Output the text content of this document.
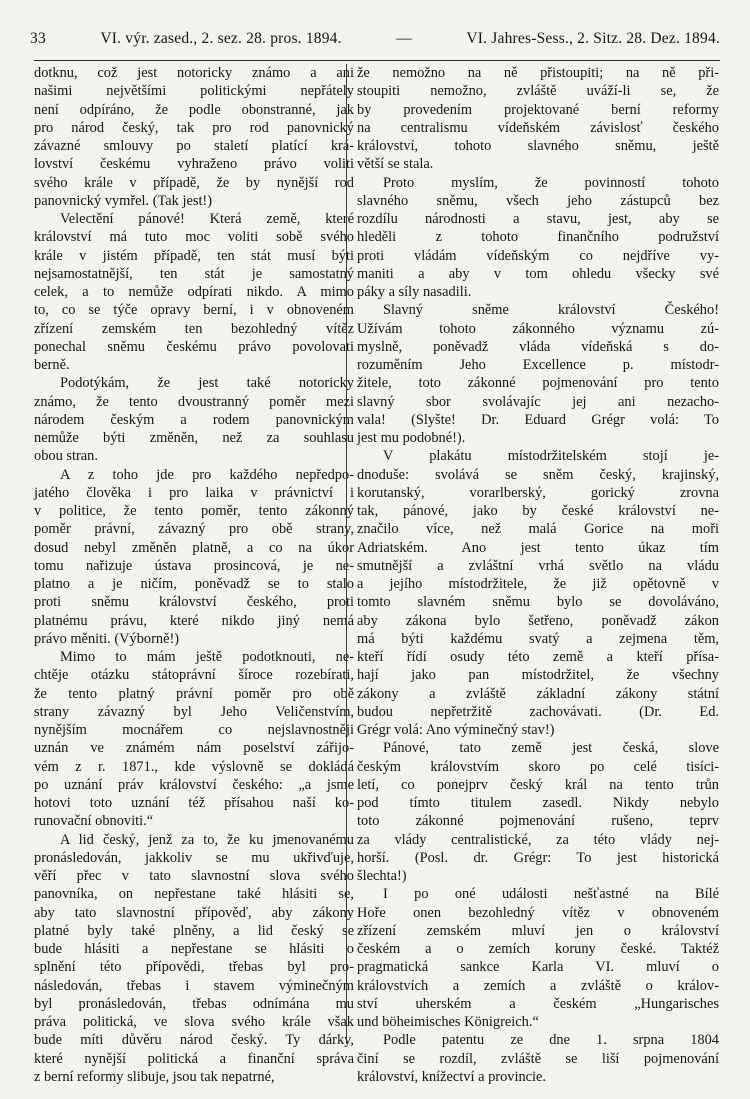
33	VI. výr. zased., 2. sez. 28. pros. 1894.	—	VI. Jahres-Sess., 2. Sitz. 28. Dez. 1894.
dotknu, což jest notoricky známo a ani
našimi největšími politickými nepřátely
není odpíráno, že podle obonstranné, jak
pro národ český, tak pro rod panovnický
závazné smlouvy po staletí platící krá-
lovství českému vyhraženo právo voliti
svého krále v případě, že by nynější rod
panovnický vymřel. (Tak jest!)
Velectění pánové! Která země, které
království má tuto moc voliti sobě svého
krále v jistém případě, ten stát musí býti
nejsamostatnější, ten stát je samostatný
celek, a to nemůže odpírati nikdo. A mimo
to, co se týče opravy berní, i v obnoveném
zřízení zemském ten bezohledný vítěz
ponechal sněmu českému právo povolovati
berně.
Podotýkám, že jest také notoricky
známo, že tento dvoustranný poměr mezi
národem českým a rodem panovnickým
nemůže býti změněn, než za souhlasu
obou stran.
A z toho jde pro každého nepředpo-
jatého člověka i pro laika v právnictví i
v politice, že tento poměr, tento zákonný
poměr právní, závazný pro obě strany,
dosud nebyl změněn platně, a co na úkor
tomu nařizuje ústava prosincová, je ne-
platno a je ničím, poněvadž se to stalo
proti sněmu království českého, proti
platnému právu, které nikdo jiný nemá
právo měniti. (Výborně!)
Mimo to mám ještě podotknouti, ne-
chtěje otázku státoprávní šíroce rozebírati,
že tento platný právní poměr pro obě
strany závazný byl Jeho Veličenstvím,
nynějším mocnářem co nejslavnostněji
uznán ve známém nám poselství zářijo-
vém z r. 1871., kde výslovně se dokládá
po uznání práv království českého: „a jsme
hotovi toto uznání též přísahou naší ko-
runovační obnoviti.“
A lid český, jenž za to, že ku jmenovanému
pronásledován, jakkoliv se mu ukřivďuje,
věří přec v tato slavnostní slova svého
panovníka, on nepřestane také hlásiti se,
aby tato slavnostní přípověď, aby zákony
platné byly také plněny, a lid český se
bude hlásiti a nepřestane se hlásiti o
splnění této přípovědi, třebas byl pro-
následován, třebas i stavem výminečným
byl pronásledován, třebas odnímána mu
práva politická, ve slova svého krále však
bude míti důvěru národ český. Ty dárky,
které nynější politická a finanční správa
z berní reformy slibuje, jsou tak nepatrné,
že nemožno na ně přistoupiti; na ně při-
stoupiti nemožno, zvláště uváží-li se, že
by provedením projektované berní reformy
na centralismu vídeňském závislosť českého
království, tohoto slavného sněmu, ještě
větší se stala.
Proto myslím, že povinností tohoto
slavného sněmu, všech jeho zástupců bez
rozdílu národnosti a stavu, jest, aby se
hleděli z tohoto finančního podružství
proti vládám vídeňským co nejdříve vy-
maniti a aby v tom ohledu všecky své
páky a síly nasadili.
Slavný sněme království Českého!
Užívám tohoto zákonného významu zú-
myslně, poněvadž vláda vídeňská s do-
rozuměním Jeho Excellence p. místodr-
žitele, toto zákonné pojmenování pro tento
slavný sbor svolávajíc jej ani nezacho-
vala! (Slyšte! Dr. Eduard Grégr volá: To
jest mu podobné!).
V plakátu místodržitelském stojí je-
dnoduše: svolává se sněm český, krajinský,
korutanský, vorarlberský, gorický zrovna
tak, pánové, jako by české království ne-
značilo více, než malá Gorice na moři
Adriatském. Ano jest tento úkaz tím
smutnější a zvláštní vrhá světlo na vládu
a jejího místodržitele, že již opětovně v
tomto slavném sněmu bylo se dovoláváno,
aby zákona bylo šetřeno, poněvadž zákon
má býti každému svatý a zejmena těm,
kteří řídí osudy této země a kteří přísa-
hají jako pan místodržitel, že všechny
zákony a zvláště základní zákony státní
budou nepřetržitě zachovávati. (Dr. Ed.
Grégr volá: Ano výminečný stav!)
Pánové, tato země jest česká, slove
českým královstvím skoro po celé tisíci-
letí, co ponejprv český král na tento trůn
pod tímto titulem zasedl. Nikdy nebylo
toto zákonné pojmenování rušeno, teprv
za vlády centralistické, za této vlády nej-
horší. (Posl. dr. Grégr: To jest historická
šlechta!)
I po oné události nešťastné na Bílé
Hoře onen bezohledný vítěz v obnoveném
zřízení zemském mluví jen o království
českém a o zemích koruny české. Taktéž
pragmatická sankce Karla VI. mluví o
královstvích a zemích a zvláště o králov-
ství uherském a českém „Hungarisches
und böheimisches Königreich.“
Podle patentu ze dne 1. srpna 1804
činí se rozdíl, zvláště se liší pojmenování
království, knížectví a provincie.
